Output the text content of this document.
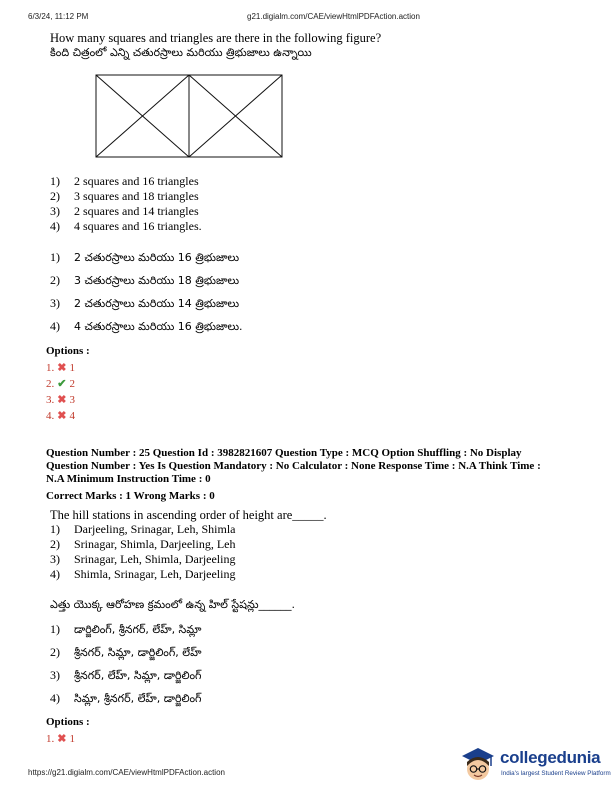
6/3/24, 11:12 PM	g21.digialm.com/CAE/viewHtmlPDFAction.action
How many squares and triangles are there in the following figure?
కింది చిత్రంలో ఎన్ని చతురస్రాలు మరియు త్రిభుజాలు ఉన్నాయి
1) 2 squares and 16 triangles
2) 3 squares and 18 triangles
3) 2 squares and 14 triangles
4) 4 squares and 16 triangles.
1) 2 చతురస్రాలు మరియు 16 త్రిభుజాలు
2) 3 చతురస్రాలు మరియు 18 త్రిభుజాలు
3) 2 చతురస్రాలు మరియు 14 త్రిభుజాలు
4) 4 చతురస్రాలు మరియు 16 త్రిభుజాలు.
Options :
1. ✖ 1
2. ✔ 2
3. ✖ 3
4. ✖ 4
Question Number : 25 Question Id : 3982821607 Question Type : MCQ Option Shuffling : No Display
Question Number : Yes Is Question Mandatory : No Calculator : None Response Time : N.A Think Time :
N.A Minimum Instruction Time : 0
Correct Marks : 1 Wrong Marks : 0
The hill stations in ascending order of height are_____.
1) Darjeeling, Srinagar, Leh, Shimla
2) Srinagar, Shimla, Darjeeling, Leh
3) Srinagar, Leh, Shimla, Darjeeling
4) Shimla, Srinagar, Leh, Darjeeling
ఎత్తు యొక్క ఆరోహణ క్రమంలో ఉన్న హిల్ స్టేషన్లు______.
1) డార్జిలింగ్, శ్రీనగర్, లేహ్, సిమ్లా
2) శ్రీనగర్, సిమ్లా, డార్జిలింగ్, లేహ్
3) శ్రీనగర్, లేహ్, సిమ్లా, డార్జిలింగ్
4) సిమ్లా, శ్రీనగర్, లేహ్, డార్జిలింగ్
Options :
1. ✖ 1
https://g21.digialm.com/CAE/viewHtmlPDFAction.action
collegedunia
India's largest Student Review Platform
